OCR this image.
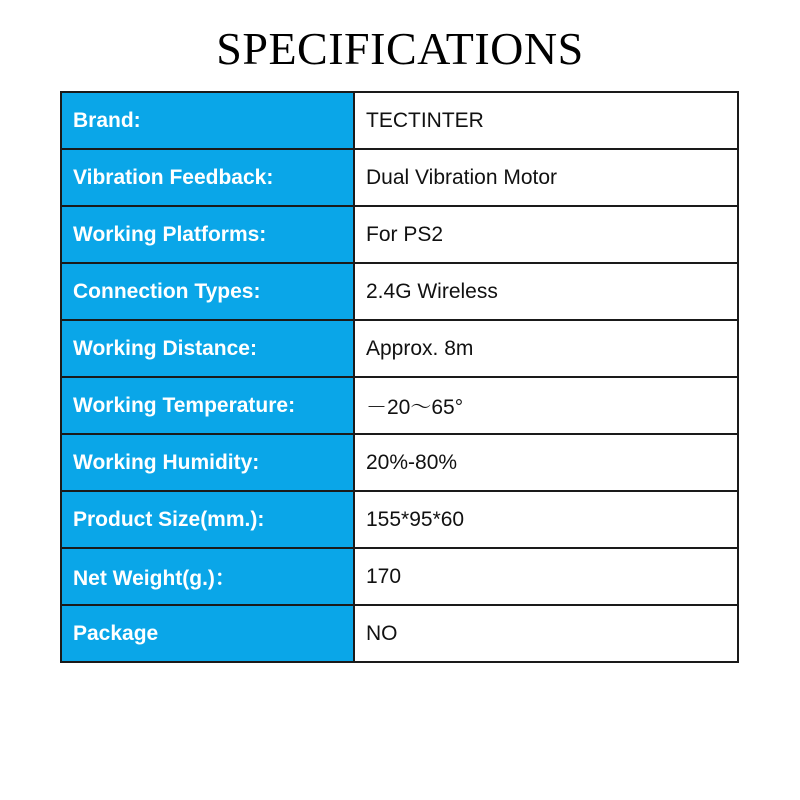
SPECIFICATIONS
Brand:	TECTINTER
Vibration Feedback:	Dual Vibration Motor
Working Platforms:	For PS2
Connection Types:	2.4G Wireless
Working Distance:	Approx. 8m
Working Temperature:	－20～65°
Working Humidity:	20%-80%
Product Size(mm.):	155*95*60
Net Weight(g.)：	170
Package	NO
